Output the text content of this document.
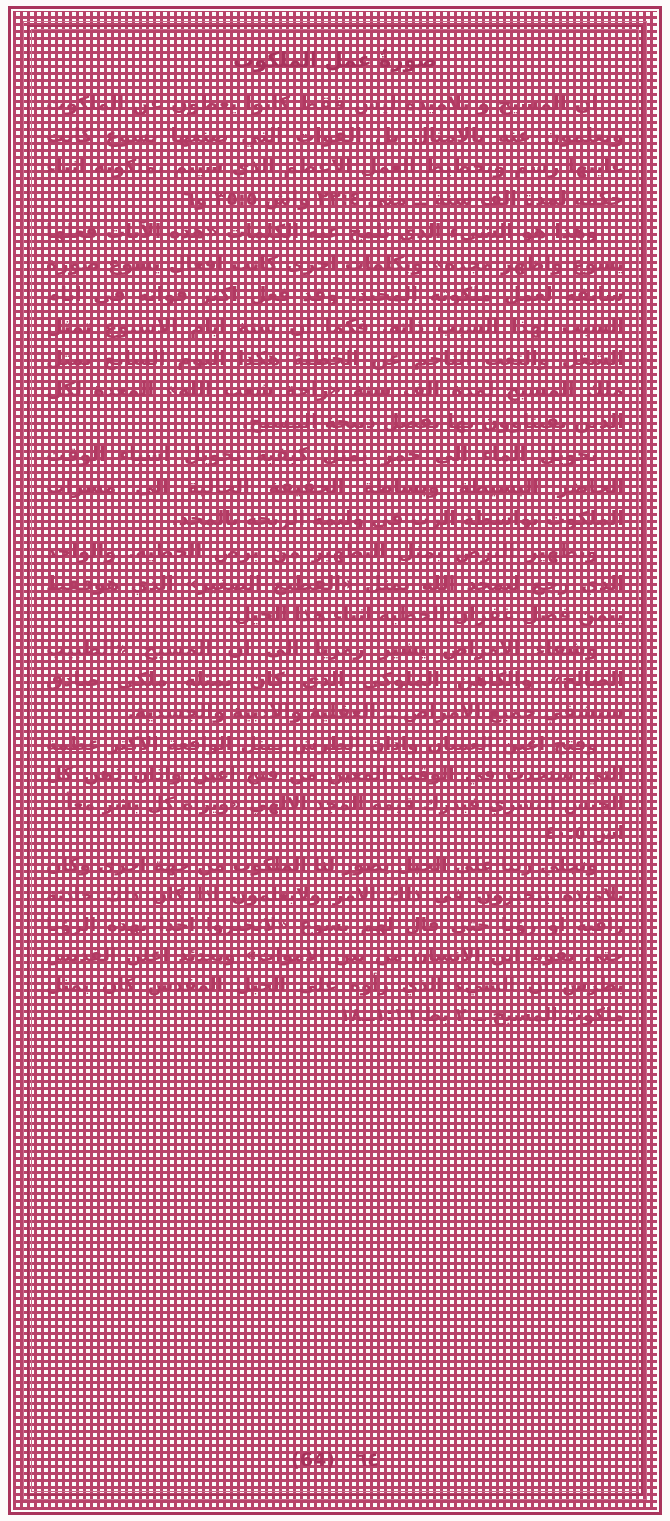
صورةُ عمل الملكوت

ان المسيح و تلاميذه ليس فقط كانوا يعظون عن الملكوت ويعلمون عنه بالامثال بل القوات التي صنعها يسوع كانت غايتها رسم وتخطيط العمل الاعظم الذي سيتم بملكوته اثناء حكمه لمدة الف سنة ــ متى ٢٣:٤ واش ٣٥:٥ و٦

وهذا هو الشيء الذي تلمح عنه الكلمات «هذه الآيات فعلها يسوع واظهر مجده» وبكلمات اخرى كانت افعال يسوع صورة سابقة لعمل ملكوته المجيد. وقد فعل اكثر قواته في ايام السبت لهذا السبب ذاته. فكما ان ستة ايام الاسبوع تمثل الشغل والتعب الناجم عن الخطية هكذا اليوم السابع يمثل ملك المسيح لمدة الف سنة «راحة شعب الله» المعدة لكل الذين يقبتاوون بها بفضل ذبيحة المسيح.

تحويل الماء الى خمر يمثل كيفية تحويل اشياء الوقت الحاضر البسيطة وبساطة الحقيقة الحالية الى مسرات الملكوت بواسطة الرب في وليمة الزيجة بالمجد.

وتطهير البرص يمثل التطهير من برص الخطية. والواحد الذي رجع ليمجد الله يمثل «القطيع الصغير» الذي هوفقط يثمن فضل غفران الخطية اثناء هذا الجيل.

وشفاء الامراض يشير رمزيا الى ان المسيح «الطبيب الصالح» والكاهن الملوكي الذي كان يمثله ملكي صادق سيشفي جميع الامراض ــ العقلية والادبية والجسدية.

وفتح اعين العميان واذان الطرش يمثل الواقعة الاكثر عظمة التي ستحدث في الوقت المعين من فتح اعين واذان ذهن كل الجنس البشري فيدرك قيمة المجد الالهي «ويراه كل بشر معاً ــ اش ٤٠:٥

وتجلي ربنا على الجبل يصور لنا الملكوت من جهة اخرى وكان تلاميذه يتحيرون في ذلك الامر ولايعلمون اذا كان ذلك حادثة راقية او رؤيا حتى قال لهم يسوع «لاتخبروا احدا بهذه الرؤيا حتى يقوم ابن الانسان من بين الاموات» وبعدئذ اعلن القديس بطرس ان الشيء الذي رأوه على الجبل المقدس كان يمثل ملكوت المسيح ــ ٢ بط ١:١٦ــ١٨

(64) ٦٤
